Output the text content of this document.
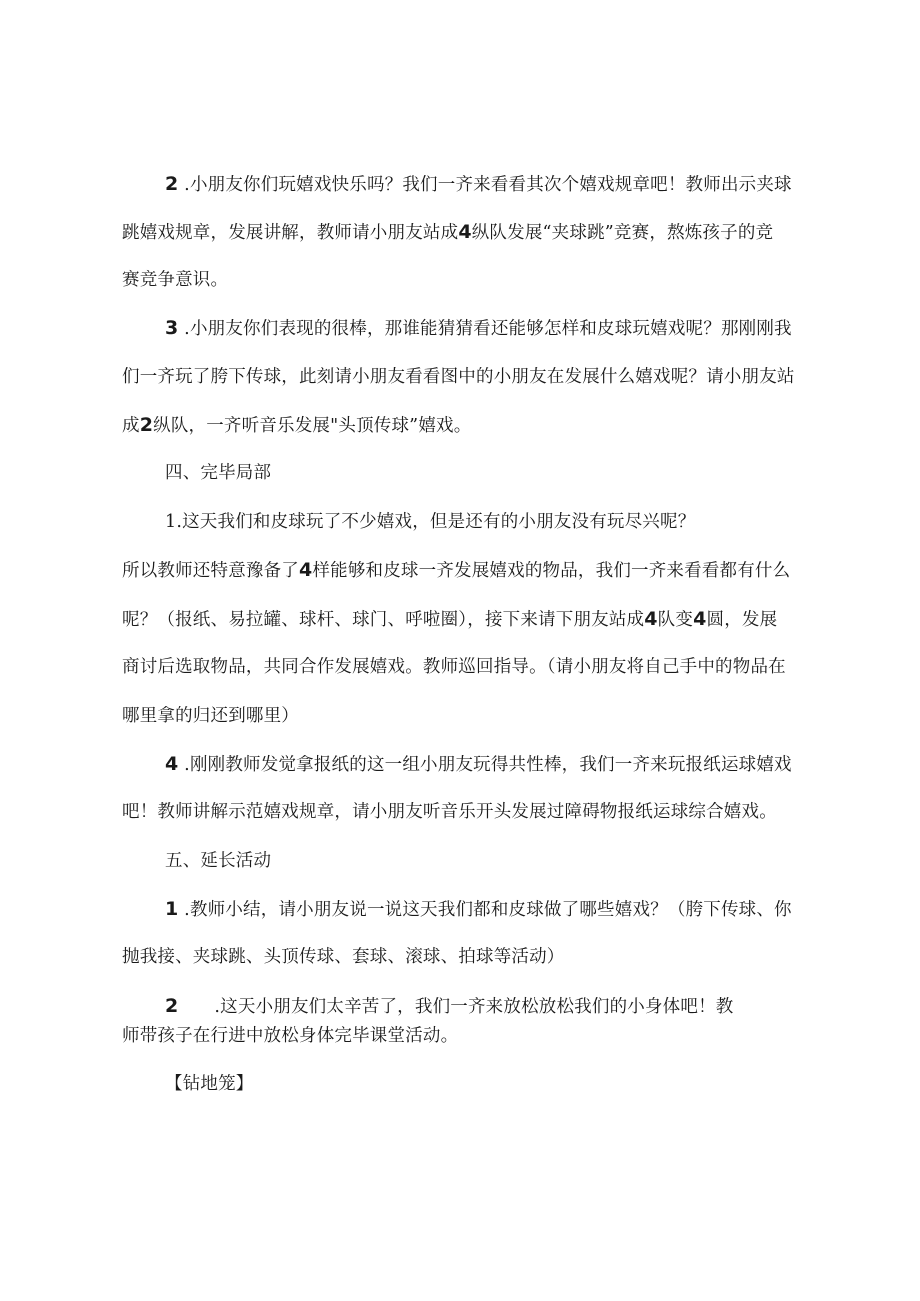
2 .小朋友你们玩嬉戏快乐吗？我们一齐来看看其次个嬉戏规章吧！教师出示夹球
跳嬉戏规章，发展讲解，教师请小朋友站成4纵队发展“夹球跳”竞赛，熬炼孩子的竞
赛竞争意识。
3 .小朋友你们表现的很棒，那谁能猜猜看还能够怎样和皮球玩嬉戏呢？那刚刚我
们一齐玩了胯下传球，此刻请小朋友看看图中的小朋友在发展什么嬉戏呢？请小朋友站
成2纵队，一齐听音乐发展"头顶传球”嬉戏。
四、完毕局部
1.这天我们和皮球玩了不少嬉戏，但是还有的小朋友没有玩尽兴呢？
所以教师还特意豫备了4样能够和皮球一齐发展嬉戏的物品，我们一齐来看看都有什么
呢？（报纸、易拉罐、球杆、球门、呼啦圈），接下来请下朋友站成4队变4圆，发展
商讨后选取物品，共同合作发展嬉戏。教师巡回指导。（请小朋友将自己手中的物品在
哪里拿的归还到哪里）
4 .刚刚教师发觉拿报纸的这一组小朋友玩得共性棒，我们一齐来玩报纸运球嬉戏
吧！教师讲解示范嬉戏规章，请小朋友听音乐开头发展过障碍物报纸运球综合嬉戏。
五、延长活动
1 .教师小结，请小朋友说一说这天我们都和皮球做了哪些嬉戏？（胯下传球、你
抛我接、夹球跳、头顶传球、套球、滚球、拍球等活动）
2 .这天小朋友们太辛苦了，我们一齐来放松放松我们的小身体吧！教
师带孩子在行进中放松身体完毕课堂活动。
【钻地笼】
